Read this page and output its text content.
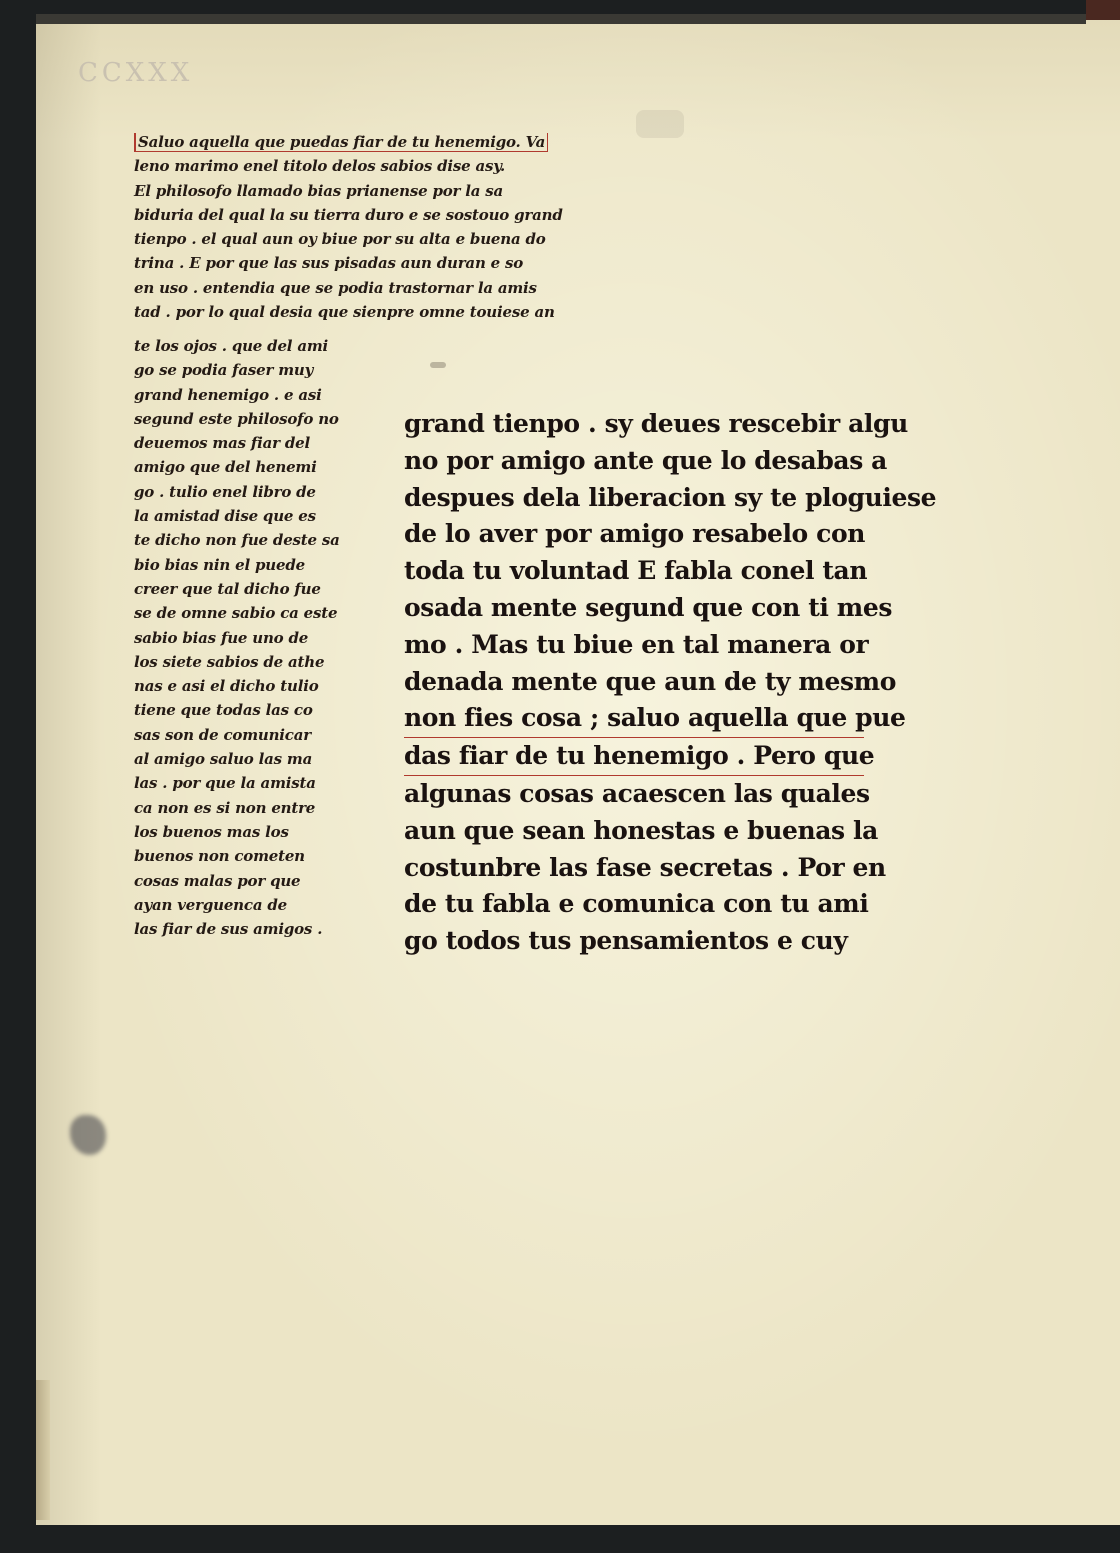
CCXXX
Saluo aquella que puedas fiar de tu henemigo. Va
leno marimo enel titolo delos sabios dise asy.
El philosofo llamado bias prianense por la sa
biduria del qual la su tierra duro e se sostouo grand
tienpo . el qual aun oy biue por su alta e buena do
trina . E por que las sus pisadas aun duran e so
en uso . entendia que se podia trastornar la amis
tad . por lo qual desia que sienpre omne touiese an
te los ojos . que del ami
go se podia faser muy
grand henemigo . e asi
segund este philosofo no
deuemos mas fiar del
amigo que del henemi
go . tulio enel libro de
la amistad dise que es
te dicho non fue deste sa
bio bias nin el puede
creer que tal dicho fue
se de omne sabio ca este
sabio bias fue uno de
los siete sabios de athe
nas e asi el dicho tulio
tiene que todas las co
sas son de comunicar
al amigo saluo las ma
las . por que la amista
ca non es si non entre
los buenos mas los
buenos non cometen
cosas malas por que
ayan verguenca de
las fiar de sus amigos .
grand tienpo . sy deues rescebir algu
no por amigo ante que lo desabas a
despues dela liberacion sy te ploguiese
de lo aver por amigo resabelo con
toda tu voluntad E fabla conel tan
osada mente segund que con ti mes
mo . Mas tu biue en tal manera or
denada mente que aun de ty mesmo
non fies cosa ; saluo aquella que pue
das fiar de tu henemigo . Pero que
algunas cosas acaescen las quales
aun que sean honestas e buenas la
costunbre las fase secretas . Por en
de tu fabla e comunica con tu ami
go todos tus pensamientos e cuy
